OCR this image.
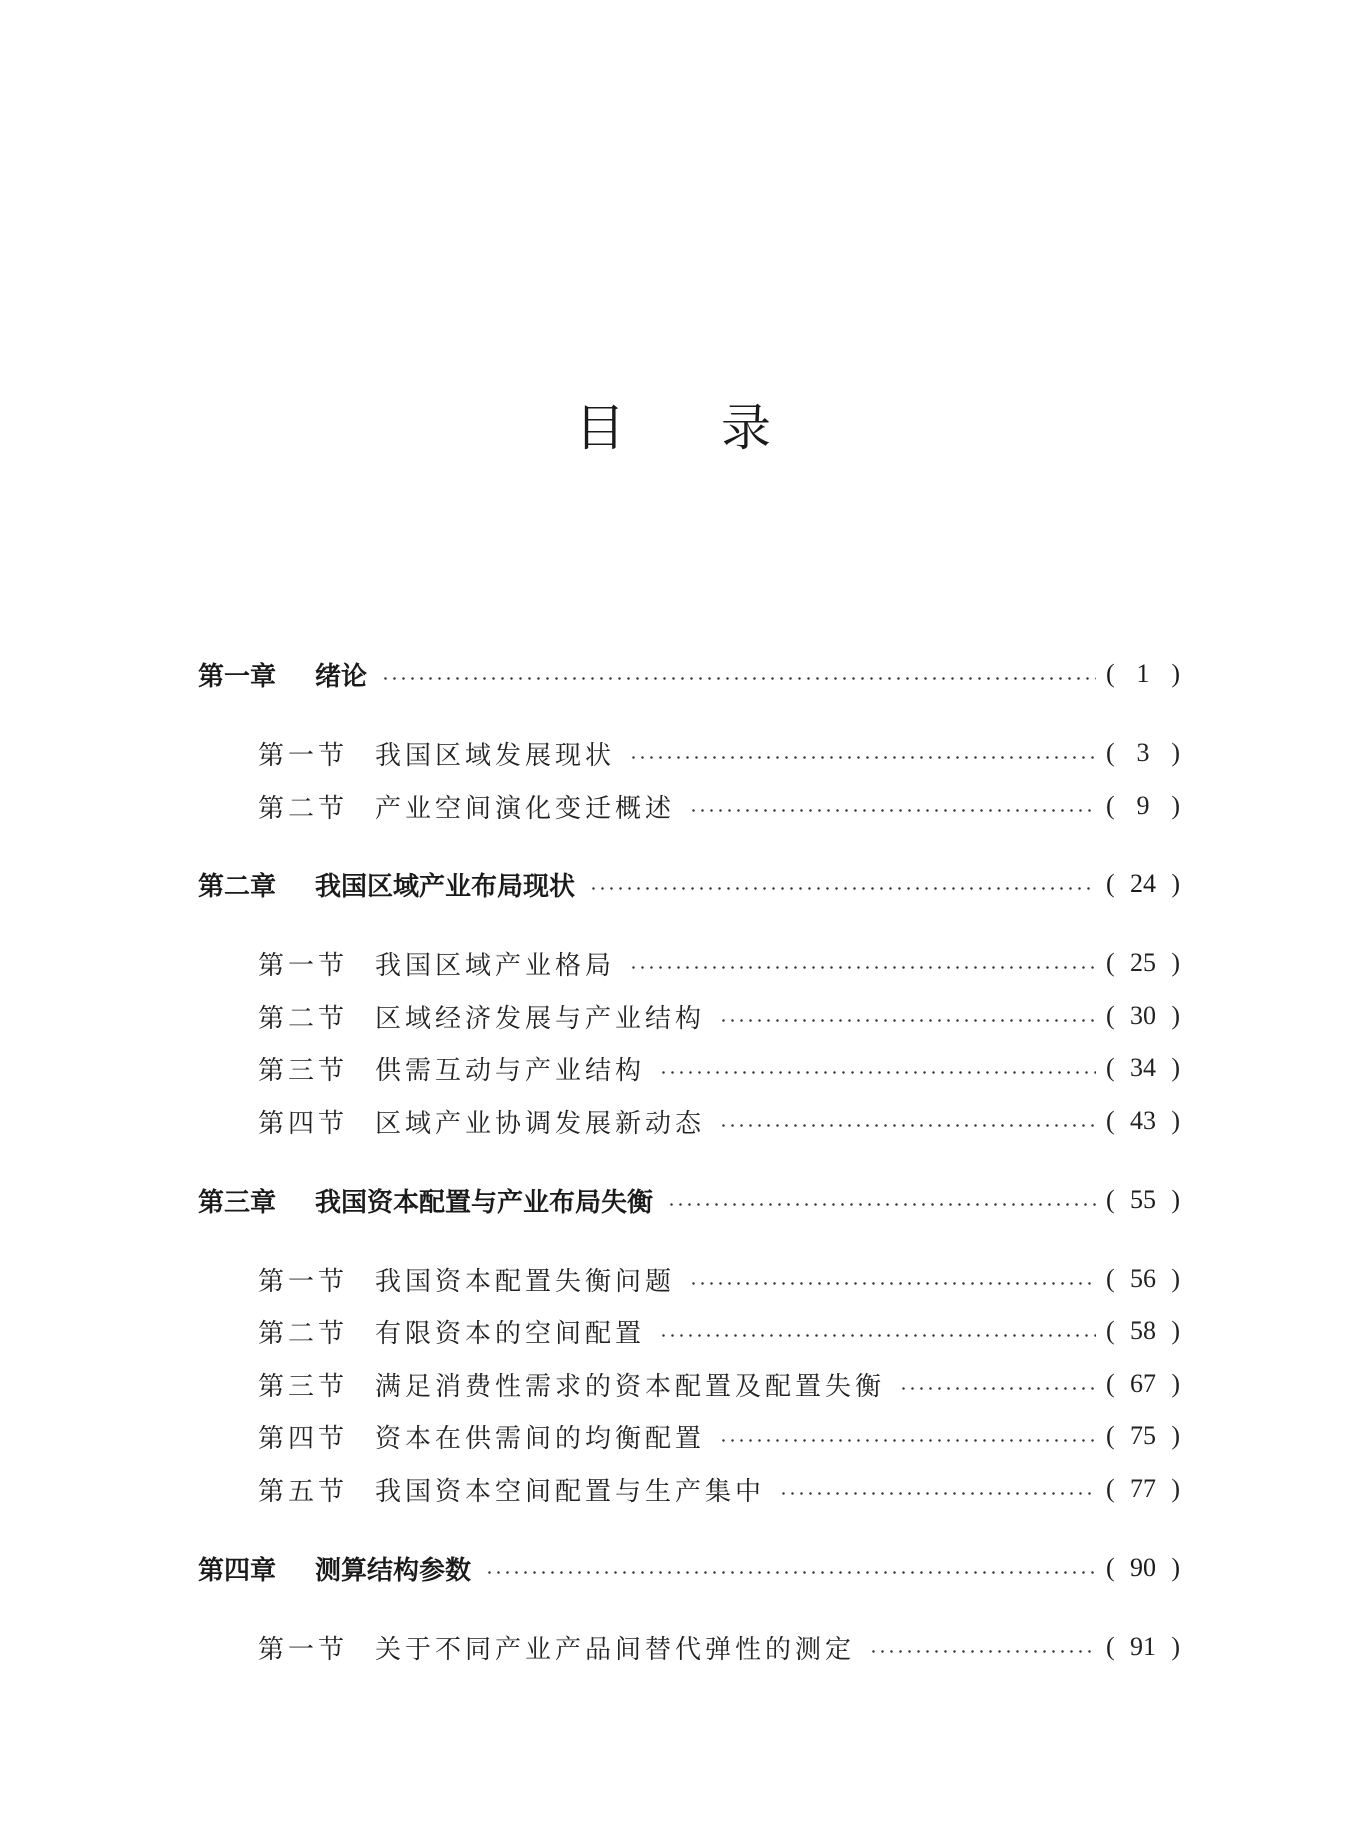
目录
第一章	绪论	( 1 )
第一节	我国区域发展现状	( 3 )
第二节	产业空间演化变迁概述	( 9 )
第二章	我国区域产业布局现状	( 24 )
第一节	我国区域产业格局	( 25 )
第二节	区域经济发展与产业结构	( 30 )
第三节	供需互动与产业结构	( 34 )
第四节	区域产业协调发展新动态	( 43 )
第三章	我国资本配置与产业布局失衡	( 55 )
第一节	我国资本配置失衡问题	( 56 )
第二节	有限资本的空间配置	( 58 )
第三节	满足消费性需求的资本配置及配置失衡	( 67 )
第四节	资本在供需间的均衡配置	( 75 )
第五节	我国资本空间配置与生产集中	( 77 )
第四章	测算结构参数	( 90 )
第一节	关于不同产业产品间替代弹性的测定	( 91 )
